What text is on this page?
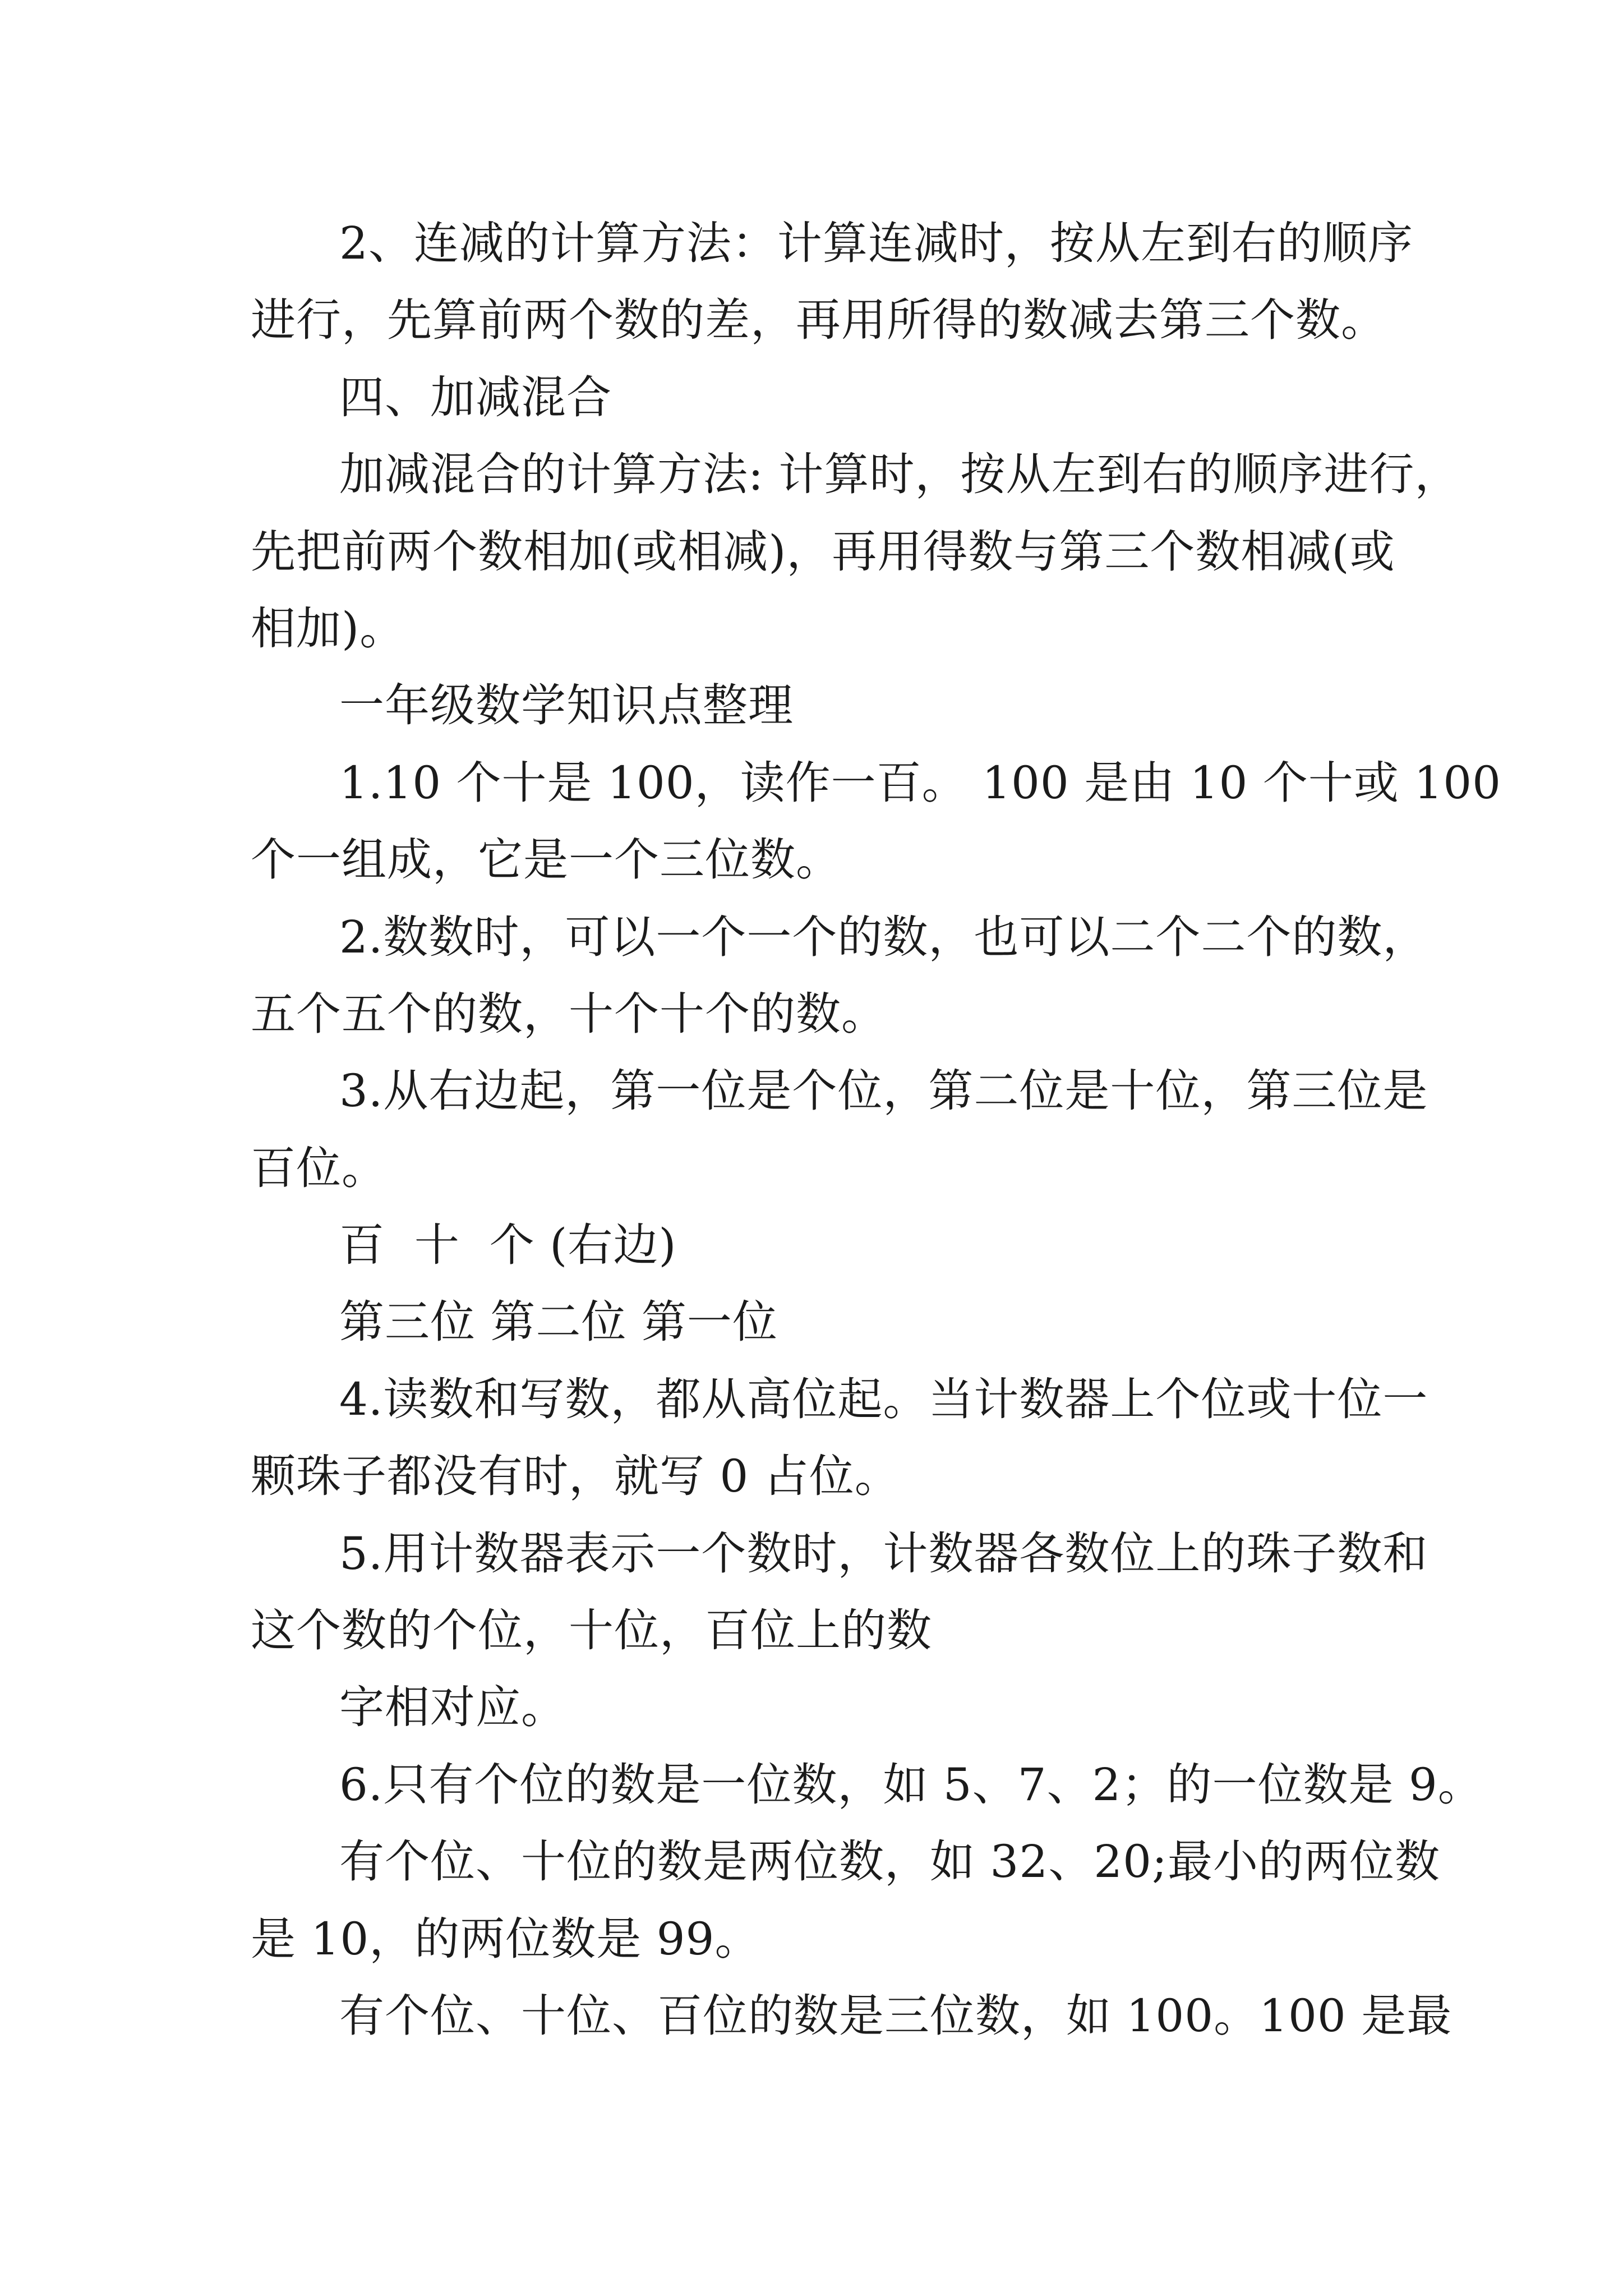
2、连减的计算方法：计算连减时，按从左到右的顺序
进行，先算前两个数的差，再用所得的数减去第三个数。
四、加减混合
加减混合的计算方法: 计算时，按从左到右的顺序进行，
先把前两个数相加(或相减)，再用得数与第三个数相减(或
相加)。
一年级数学知识点整理
1.10 个十是 100，读作一百。 100 是由 10 个十或 100
个一组成，它是一个三位数。
2.数数时，可以一个一个的数，也可以二个二个的数，
五个五个的数，十个十个的数。
3.从右边起，第一位是个位，第二位是十位，第三位是
百位。
百  十  个 (右边)
第三位 第二位 第一位
4.读数和写数，都从高位起。当计数器上个位或十位一
颗珠子都没有时，就写 0 占位。
5.用计数器表示一个数时，计数器各数位上的珠子数和
这个数的个位，十位，百位上的数
字相对应。
6.只有个位的数是一位数，如 5、7、2；的一位数是 9。
有个位、十位的数是两位数，如 32、20;最小的两位数
是 10，的两位数是 99。
有个位、十位、百位的数是三位数，如 100。100 是最
